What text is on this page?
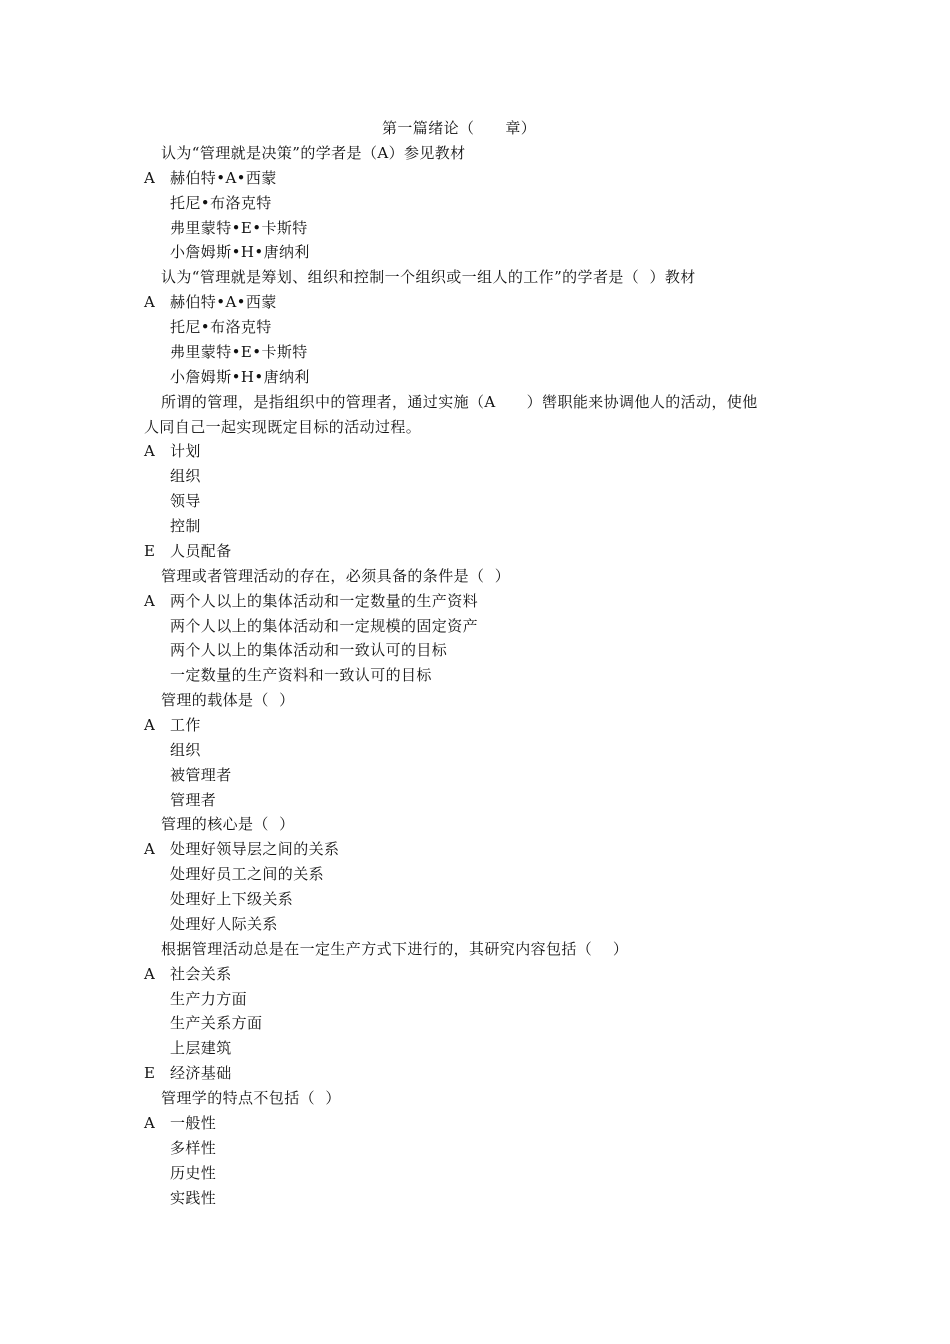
第一篇绪论（      章）
认为“管理就是决策”的学者是（A）参见教材
A 赫伯特•A•西蒙
托尼•布洛克特
弗里蒙特•E•卡斯特
小詹姆斯•H•唐纳利
认为“管理就是筹划、组织和控制一个组织或一组人的工作”的学者是（  ）教材
A 赫伯特•A•西蒙
托尼•布洛克特
弗里蒙特•E•卡斯特
小詹姆斯•H•唐纳利
所谓的管理，是指组织中的管理者，通过实施（A      ）辔职能来协调他人的活动，使他
人同自己一起实现既定目标的活动过程。
A 计划
组织
领导
控制
E 人员配备
管理或者管理活动的存在，必须具备的条件是（  ）
A 两个人以上的集体活动和一定数量的生产资料
两个人以上的集体活动和一定规模的固定资产
两个人以上的集体活动和一致认可的目标
一定数量的生产资料和一致认可的目标
管理的载体是（  ）
A 工作
组织
被管理者
管理者
管理的核心是（  ）
A 处理好领导层之间的关系
处理好员工之间的关系
处理好上下级关系
处理好人际关系
根据管理活动总是在一定生产方式下进行的，其研究内容包括（    ）
A 社会关系
生产力方面
生产关系方面
上层建筑
E 经济基础
管理学的特点不包括（  ）
A 一般性
多样性
历史性
实践性
